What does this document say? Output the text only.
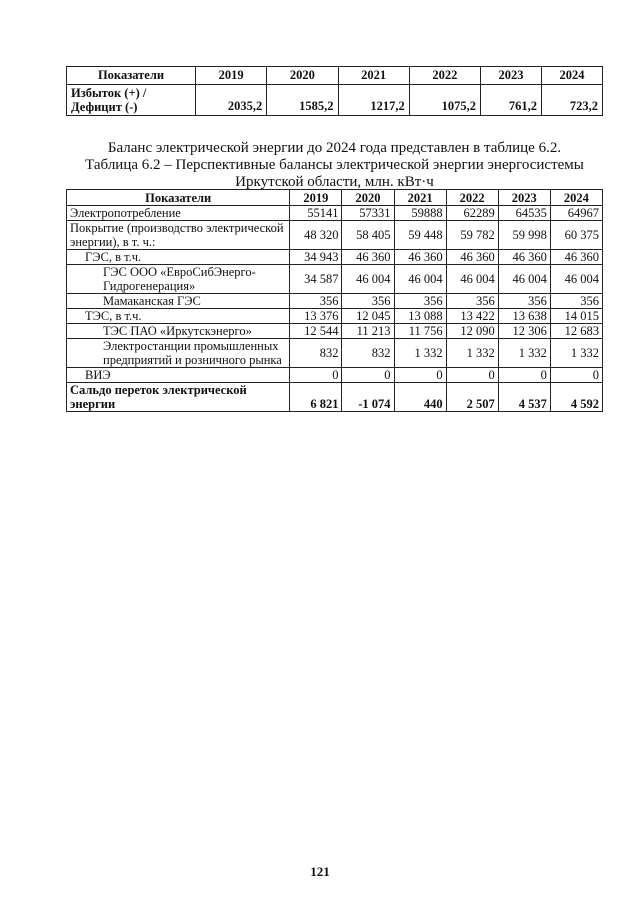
Показатели	2019	2020	2021	2022	2023	2024
Избыток (+) /
Дефицит (-)	2035,2	1585,2	1217,2	1075,2	761,2	723,2
Баланс электрической энергии до 2024 года представлен в таблице 6.2.
Таблица 6.2 – Перспективные балансы электрической энергии энергосистемы
Иркутской области, млн. кВт·ч
Показатели	2019	2020	2021	2022	2023	2024
Электропотребление	55141	57331	59888	62289	64535	64967
Покрытие (производство электрической энергии), в т. ч.:	48 320	58 405	59 448	59 782	59 998	60 375
ГЭС, в т.ч.	34 943	46 360	46 360	46 360	46 360	46 360
ГЭС ООО «ЕвроСибЭнерго-Гидрогенерация»	34 587	46 004	46 004	46 004	46 004	46 004
Мамаканская ГЭС	356	356	356	356	356	356
ТЭС, в т.ч.	13 376	12 045	13 088	13 422	13 638	14 015
ТЭС ПАО «Иркутскэнерго»	12 544	11 213	11 756	12 090	12 306	12 683
Электростанции промышленных предприятий и розничного рынка	832	832	1 332	1 332	1 332	1 332
ВИЭ	0	0	0	0	0	0
Сальдо переток электрической энергии	6 821	-1 074	440	2 507	4 537	4 592
121
